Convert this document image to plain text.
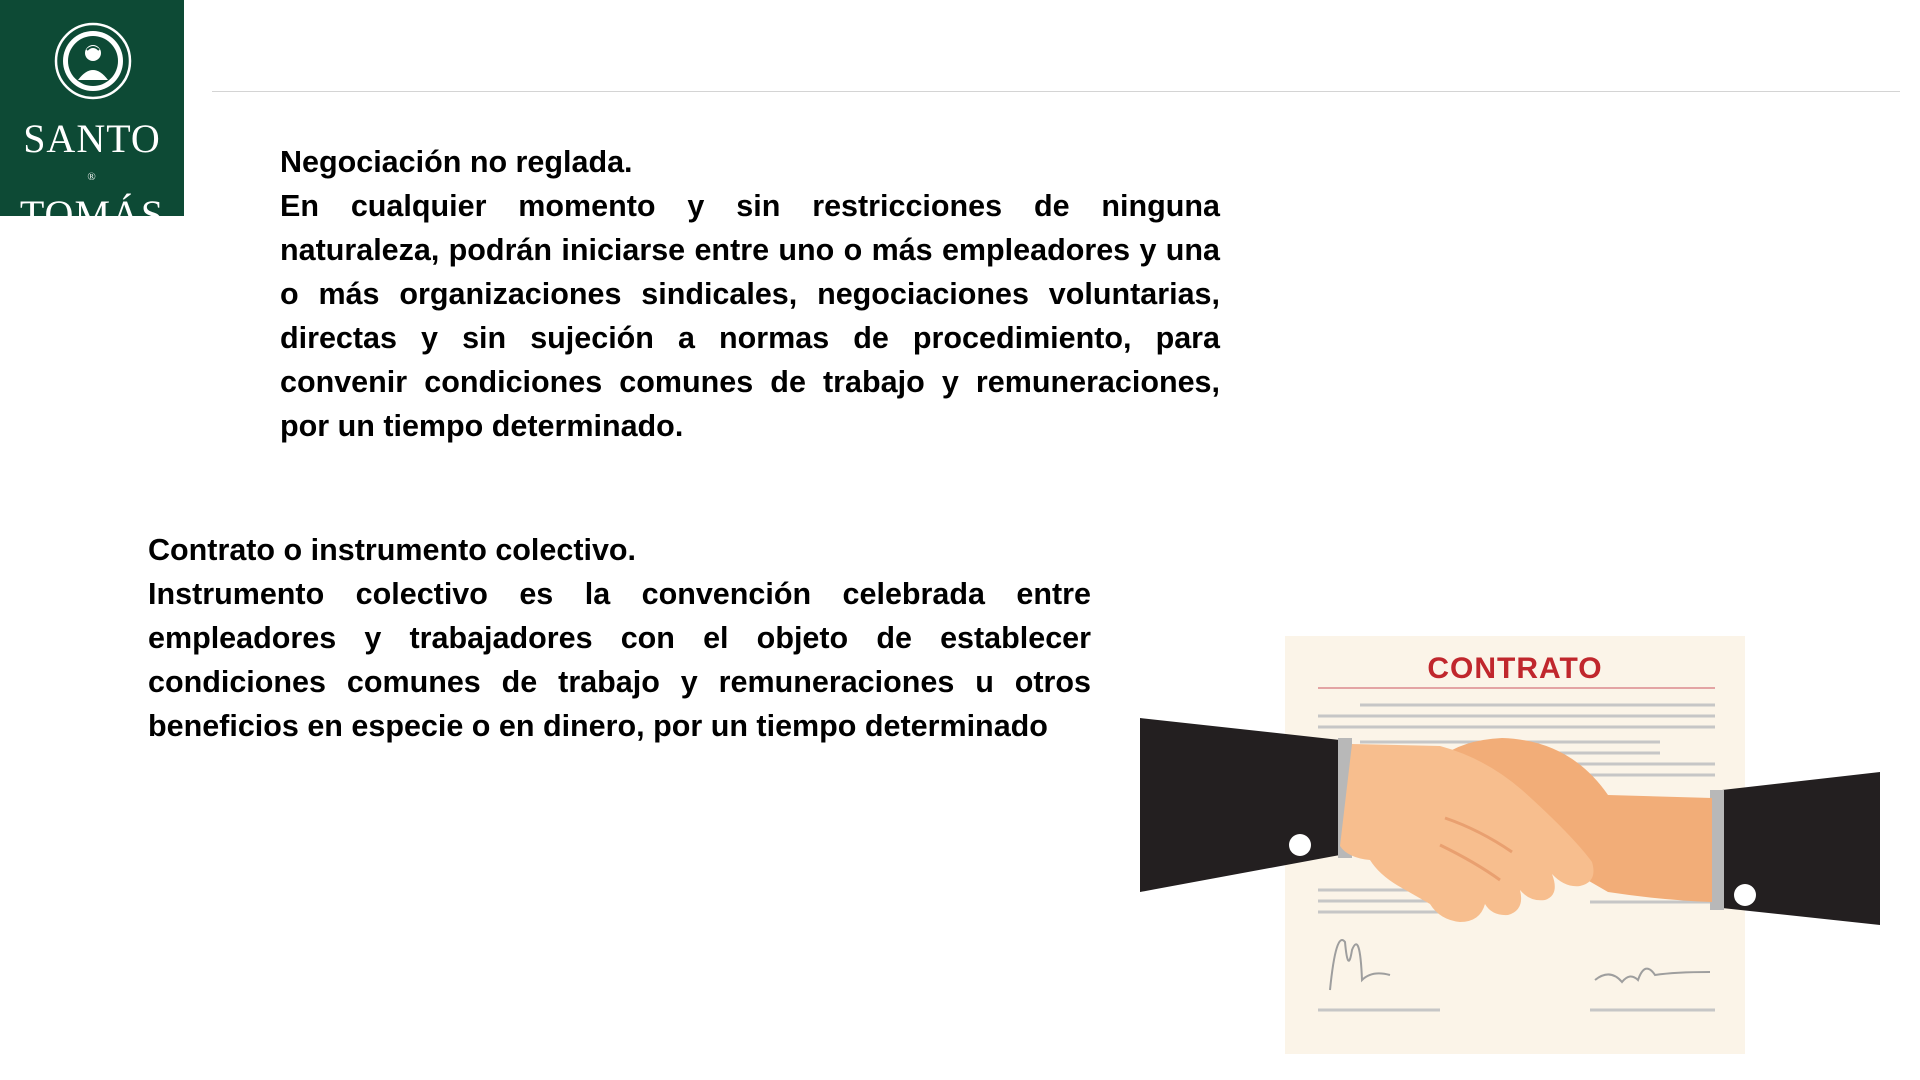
SANTO
®
TOMÁS

Negociación no reglada.

En cualquier momento y sin restricciones de ninguna naturaleza, podrán iniciarse entre uno o más empleadores y una o más organizaciones sindicales, negociaciones voluntarias, directas y sin sujeción a normas de procedimiento, para convenir condiciones comunes de trabajo y remuneraciones, por un tiempo determinado.

Contrato o instrumento colectivo.

Instrumento colectivo es la convención celebrada entre empleadores y trabajadores con el objeto de establecer condiciones comunes de trabajo y remuneraciones u otros beneficios en especie o en dinero, por un tiempo determinado

CONTRATO
